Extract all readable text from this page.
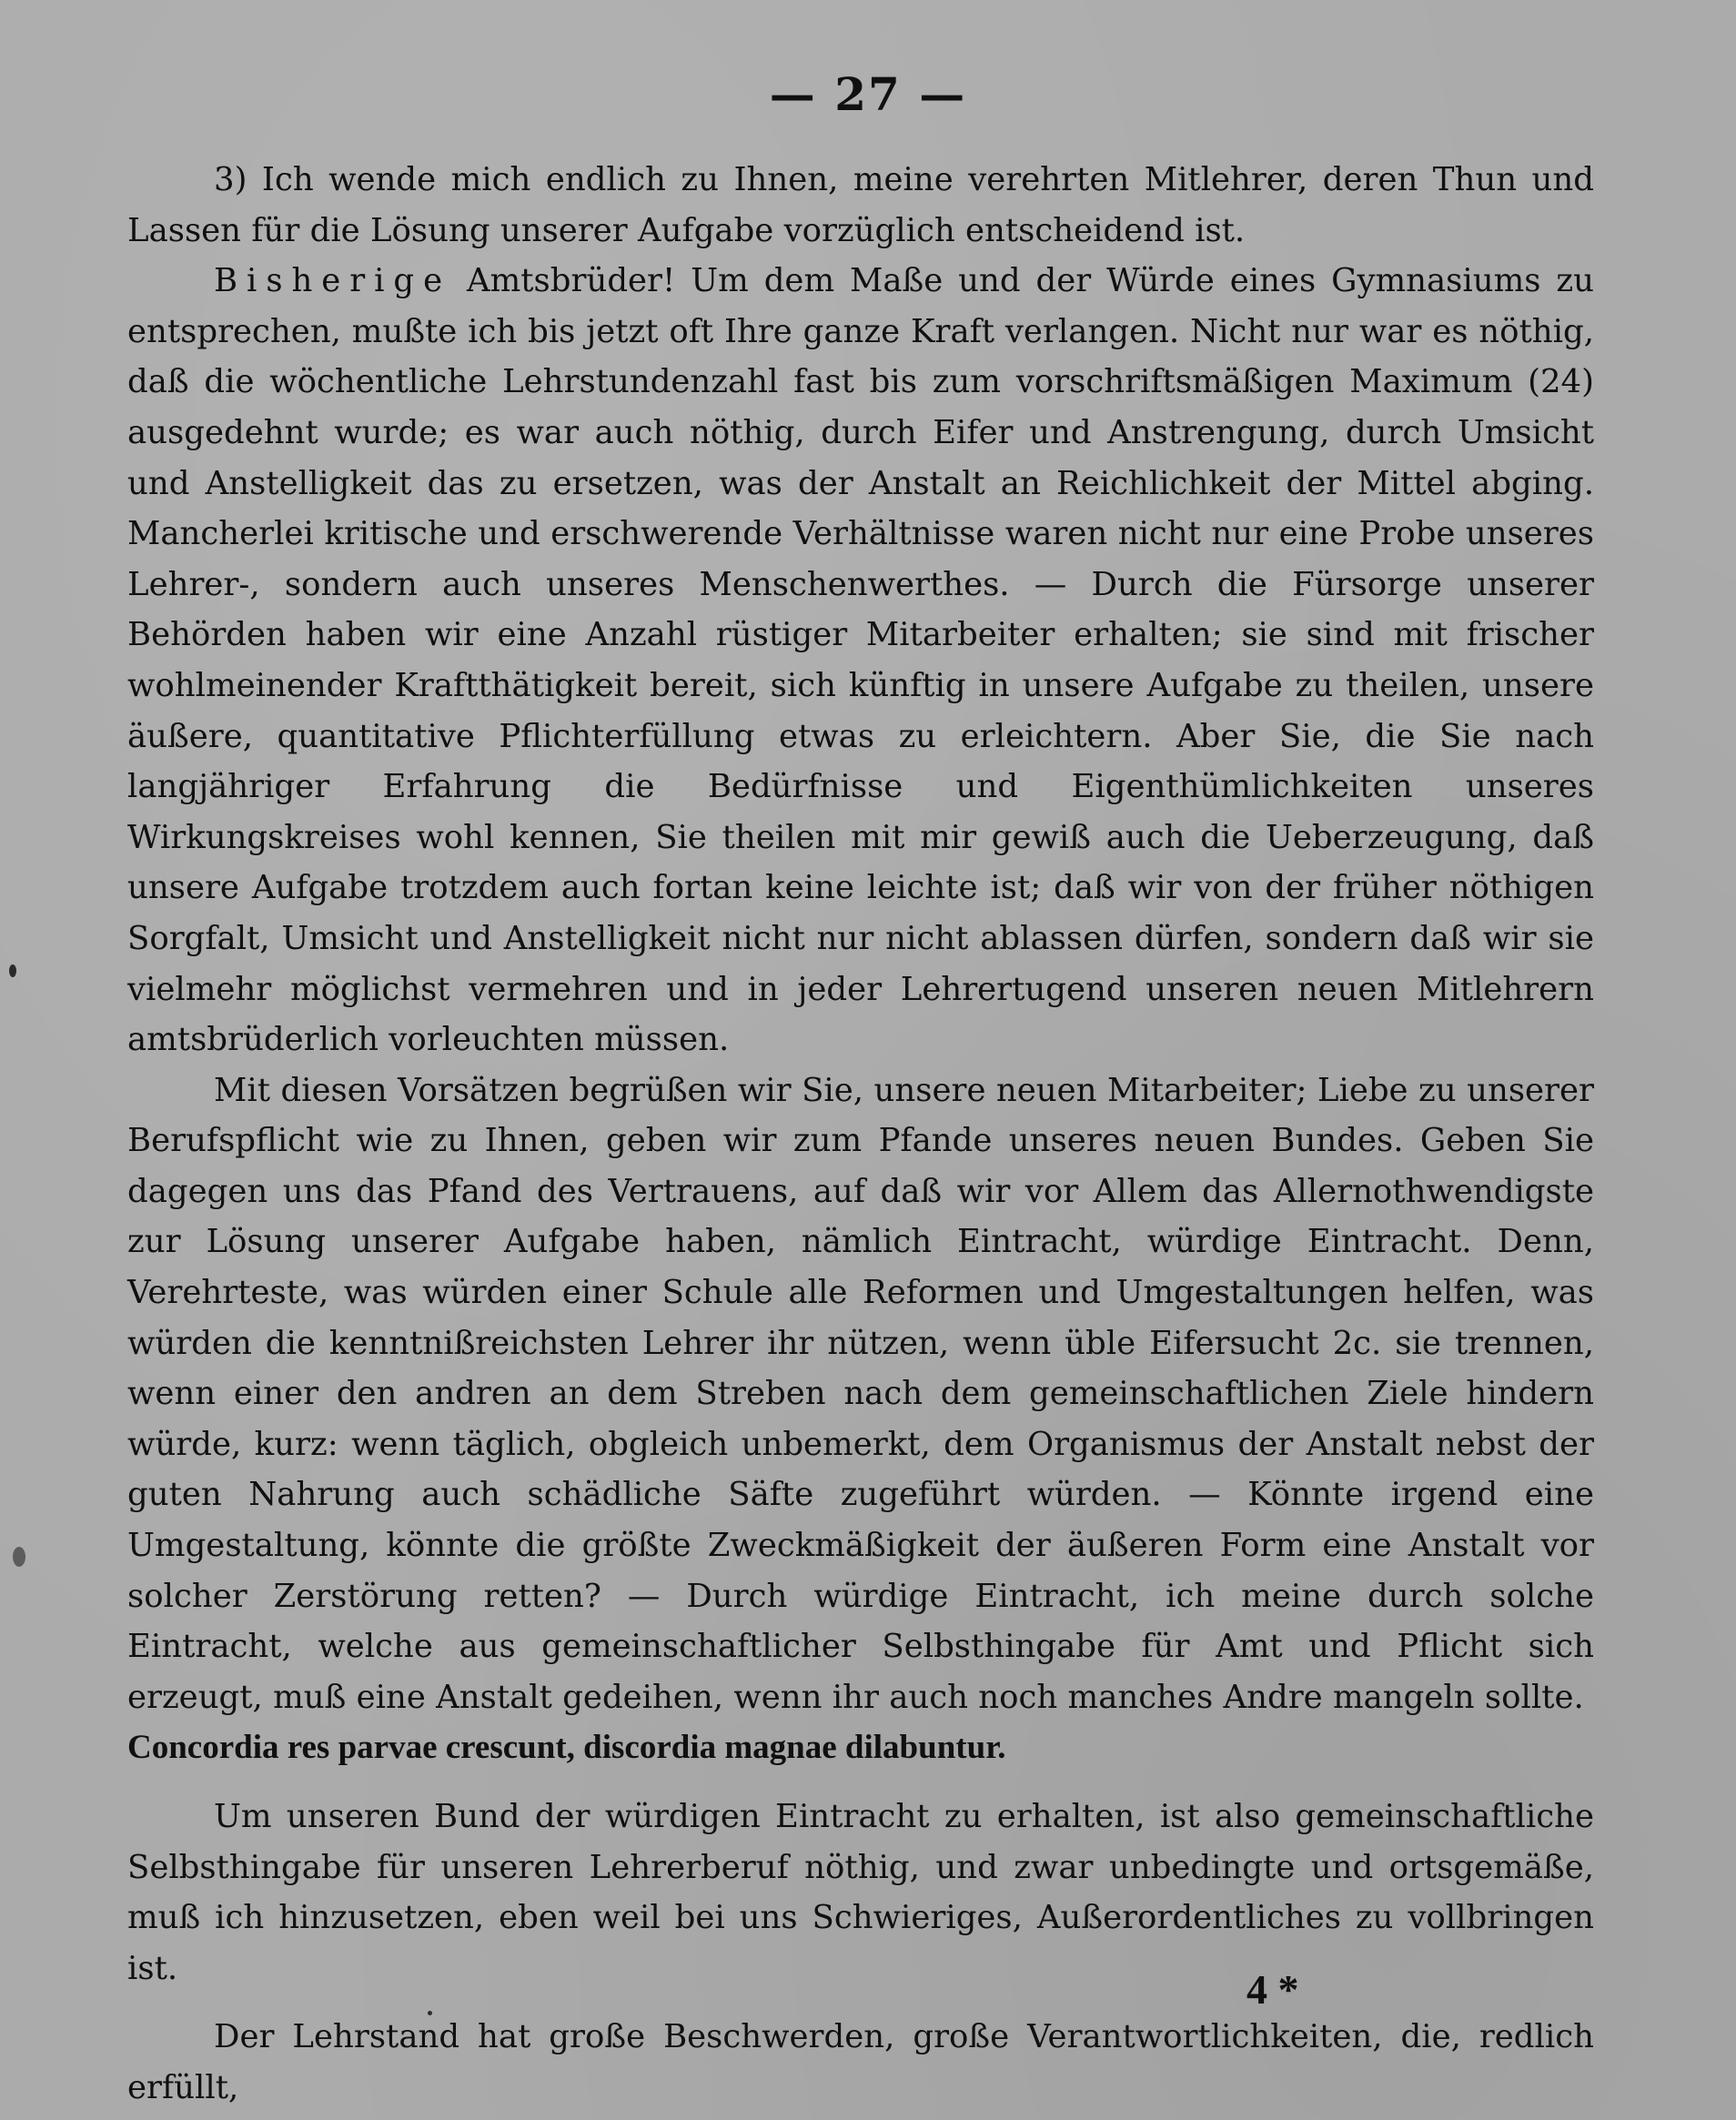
— 27 —

3) Ich wende mich endlich zu Ihnen, meine verehrten Mitlehrer, deren Thun und Lassen für die Lösung unserer Aufgabe vorzüglich entscheidend ist.

Bisherige Amtsbrüder! Um dem Maße und der Würde eines Gymnasiums zu entsprechen, mußte ich bis jetzt oft Ihre ganze Kraft verlangen. Nicht nur war es nöthig, daß die wöchentliche Lehrstundenzahl fast bis zum vorschriftsmäßigen Maximum (24) ausgedehnt wurde; es war auch nöthig, durch Eifer und Anstrengung, durch Umsicht und Anstelligkeit das zu ersetzen, was der Anstalt an Reichlichkeit der Mittel abging. Mancherlei kritische und erschwerende Verhältnisse waren nicht nur eine Probe unseres Lehrer-, sondern auch unseres Menschenwerthes. — Durch die Fürsorge unserer Behörden haben wir eine Anzahl rüstiger Mitarbeiter erhalten; sie sind mit frischer wohlmeinender Kraftthätigkeit bereit, sich künftig in unsere Aufgabe zu theilen, unsere äußere, quantitative Pflichterfüllung etwas zu erleichtern. Aber Sie, die Sie nach langjähriger Erfahrung die Bedürfnisse und Eigenthümlichkeiten unseres Wirkungskreises wohl kennen, Sie theilen mit mir gewiß auch die Ueberzeugung, daß unsere Aufgabe trotzdem auch fortan keine leichte ist; daß wir von der früher nöthigen Sorgfalt, Umsicht und Anstelligkeit nicht nur nicht ablassen dürfen, sondern daß wir sie vielmehr möglichst vermehren und in jeder Lehrertugend unseren neuen Mitlehrern amtsbrüderlich vorleuchten müssen.

Mit diesen Vorsätzen begrüßen wir Sie, unsere neuen Mitarbeiter; Liebe zu unserer Berufspflicht wie zu Ihnen, geben wir zum Pfande unseres neuen Bundes. Geben Sie dagegen uns das Pfand des Vertrauens, auf daß wir vor Allem das Allernothwendigste zur Lösung unserer Aufgabe haben, nämlich Eintracht, würdige Eintracht. Denn, Verehrteste, was würden einer Schule alle Reformen und Umgestaltungen helfen, was würden die kenntnißreichsten Lehrer ihr nützen, wenn üble Eifersucht 2c. sie trennen, wenn einer den andren an dem Streben nach dem gemeinschaftlichen Ziele hindern würde, kurz: wenn täglich, obgleich unbemerkt, dem Organismus der Anstalt nebst der guten Nahrung auch schädliche Säfte zugeführt würden. — Könnte irgend eine Umgestaltung, könnte die größte Zweckmäßigkeit der äußeren Form eine Anstalt vor solcher Zerstörung retten? — Durch würdige Eintracht, ich meine durch solche Eintracht, welche aus gemeinschaftlicher Selbsthingabe für Amt und Pflicht sich erzeugt, muß eine Anstalt gedeihen, wenn ihr auch noch manches Andre mangeln sollte.

Concordia res parvae crescunt, discordia magnae dilabuntur.

Um unseren Bund der würdigen Eintracht zu erhalten, ist also gemeinschaftliche Selbsthingabe für unseren Lehrerberuf nöthig, und zwar unbedingte und ortsgemäße, muß ich hinzusetzen, eben weil bei uns Schwieriges, Außerordentliches zu vollbringen ist.

Der Lehrstand hat große Beschwerden, große Verantwortlichkeiten, die, redlich erfüllt,

4 *
